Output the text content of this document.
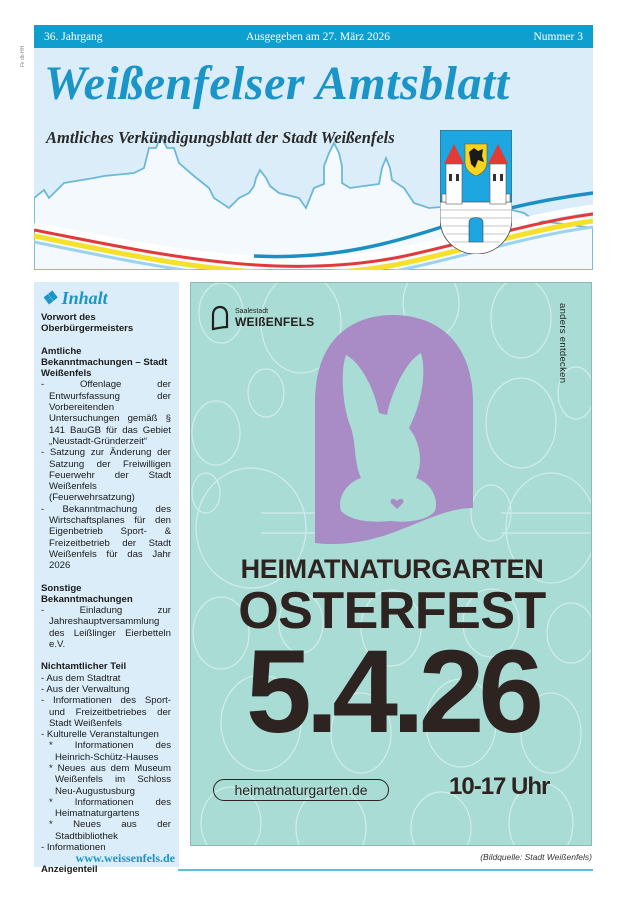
Fk db HH
36. Jahrgang	Ausgegeben am 27. März 2026	Nummer 3
Weißenfelser Amtsblatt
Amtliches Verkündigungsblatt der Stadt Weißenfels
❖ Inhalt
Vorwort des Oberbürgermeisters
Amtliche Bekanntmachungen – Stadt Weißenfels
- Offenlage der Entwurfsfassung der Vorbereitenden Untersuchungen gemäß § 141 BauGB für das Gebiet „Neustadt-Gründerzeit“
- Satzung zur Änderung der Satzung der Freiwilligen Feuerwehr der Stadt Weißenfels (Feuerwehrsatzung)
- Bekanntmachung des Wirtschaftsplanes für den Eigenbetrieb Sport- & Freizeitbetrieb der Stadt Weißenfels für das Jahr 2026
Sonstige Bekanntmachungen
- Einladung zur Jahreshauptversammlung des Leißlinger Eierbetteln e.V.
Nichtamtlicher Teil
- Aus dem Stadtrat
- Aus der Verwaltung
- Informationen des Sport- und Freizeitbetriebes der Stadt Weißenfels
- Kulturelle Veranstaltungen
* Informationen des Heinrich-Schütz-Hauses
* Neues aus dem Museum Weißenfels im Schloss Neu-Augustusburg
* Informationen des Heimatnaturgartens
* Neues aus der Stadtbibliothek
- Informationen
Anzeigenteil
www.weissenfels.de
Saalestadt
WEIßENFELS	anders entdecken
HEIMATNATURGARTEN
OSTERFEST
5.4.26
heimatnaturgarten.de	10-17 Uhr
(Bildquelle: Stadt Weißenfels)
